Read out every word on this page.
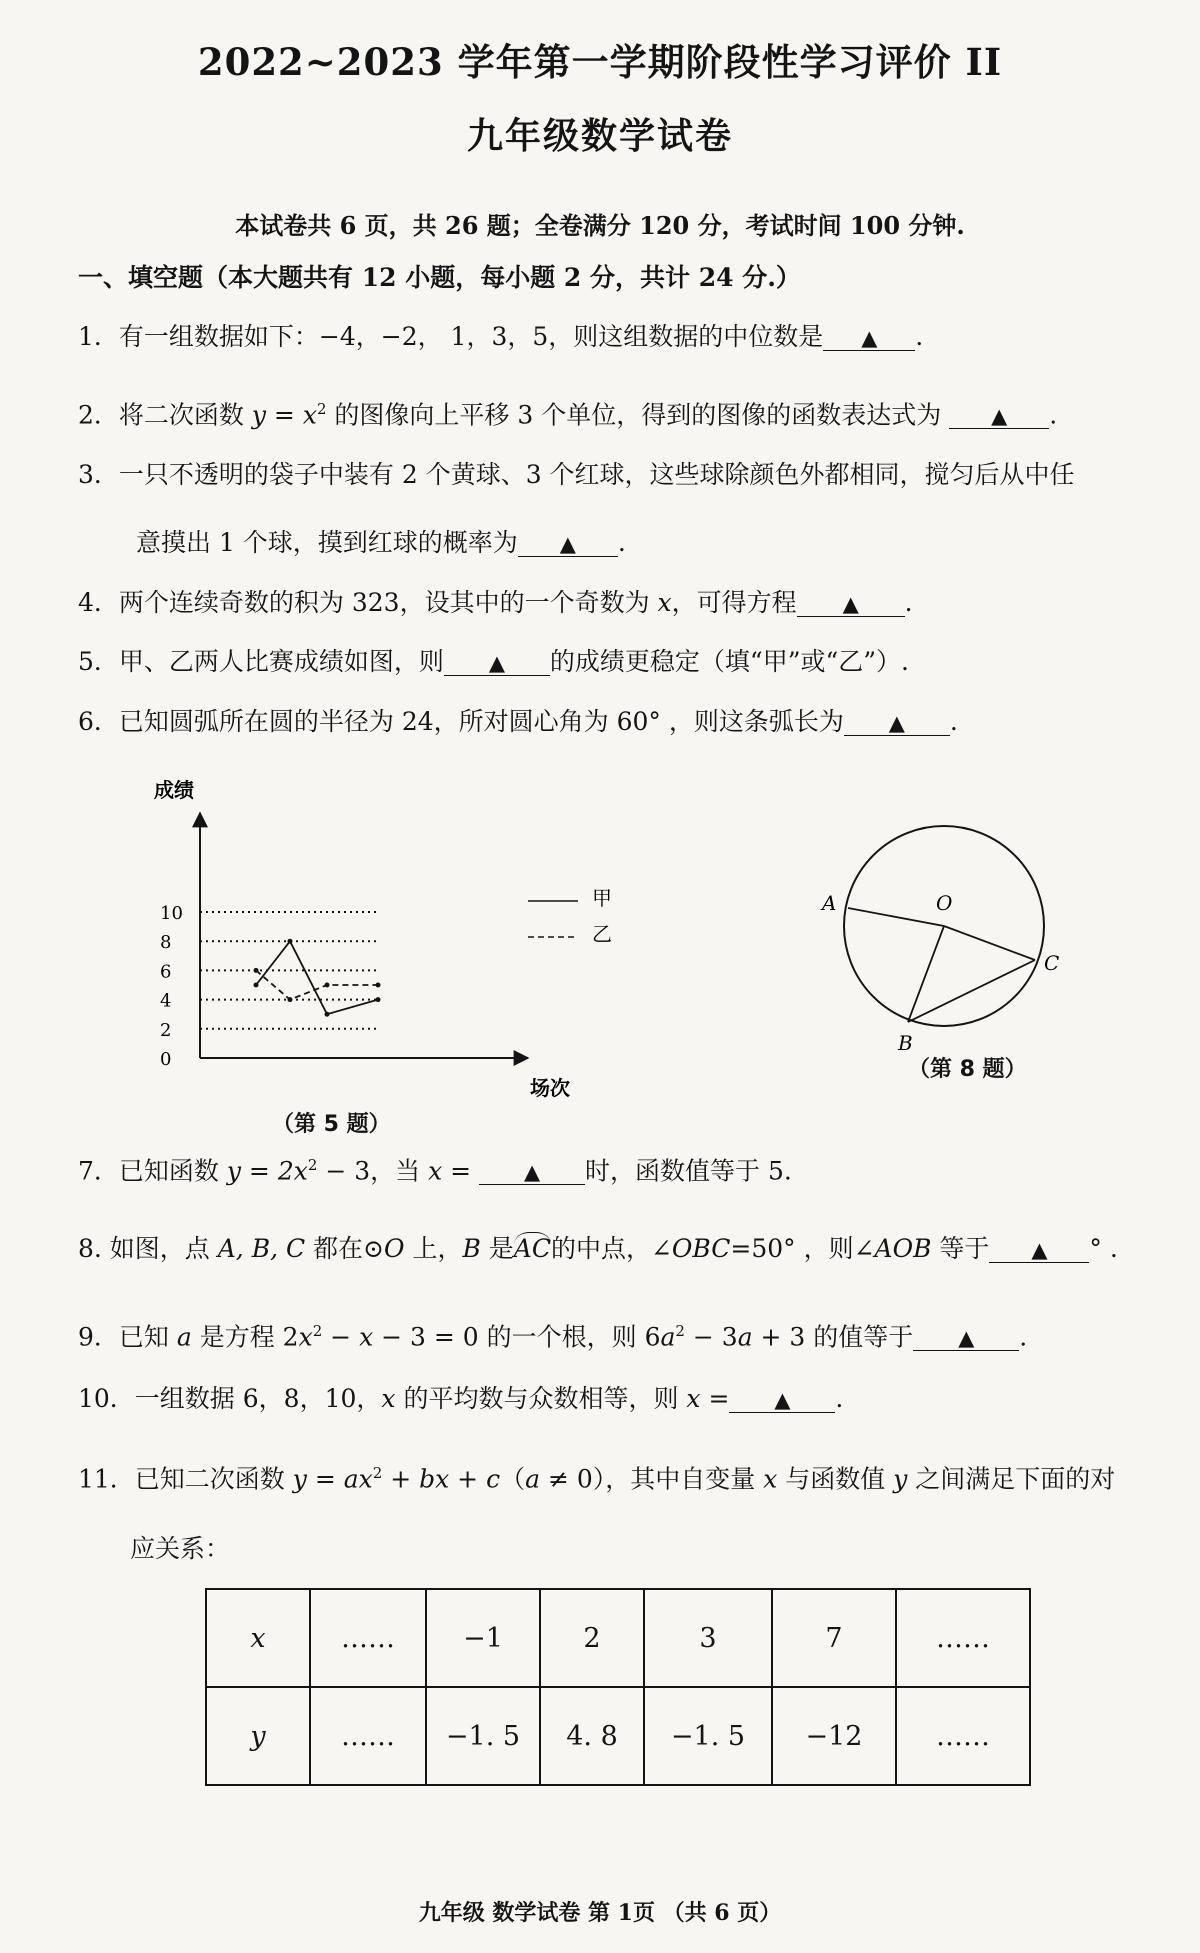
2022~2023 学年第一学期阶段性学习评价 II
九年级数学试卷
本试卷共 6 页，共 26 题；全卷满分 120 分，考试时间 100 分钟.
一、填空题（本大题共有 12 小题，每小题 2 分，共计 24 分.）
1．有一组数据如下：−4，−2， 1，3，5，则这组数据的中位数是 ▲ .
2．将二次函数 $y = x^2$ 的图像向上平移 3 个单位，得到的图像的函数表达式为 ▲ .
3．一只不透明的袋子中装有 2 个黄球、3 个红球，这些球除颜色外都相同，搅匀后从中任
意摸出 1 个球，摸到红球的概率为 ▲ .
4．两个连续奇数的积为 323，设其中的一个奇数为 x，可得方程 ▲ .
5．甲、乙两人比赛成绩如图，则 ▲ 的成绩更稳定（填“甲”或“乙”）.
6．已知圆弧所在圆的半径为 24，所对圆心角为 60° ，则这条弧长为 ▲ .
成绩
0
2
4
6
8
10
场次
甲
乙
（第 5 题）
A	O
C
B
（第 8 题）
7．已知函数 $y = 2x^2 - 3$，当 x = ▲ 时，函数值等于 5.
8. 如图，点 A, B, C 都在⊙O 上，B 是AC的中点，∠OBC=50° ，则∠AOB 等于 ▲ ° .
9．已知 a 是方程 $2x^2 - x - 3 = 0$ 的一个根，则 $6a^2 - 3a + 3$ 的值等于 ▲ .
10．一组数据 6，8，10，x 的平均数与众数相等，则 x = ▲ .
11．已知二次函数 $y = ax^2$ + bx + c（a ≠ 0），其中自变量 x 与函数值 y 之间满足下面的对
应关系：
x	……	−1	2	3	7	……
y	……	−1. 5	4. 8	−1. 5	−12	……
九年级 数学试卷 第 1页 （共 6 页）
